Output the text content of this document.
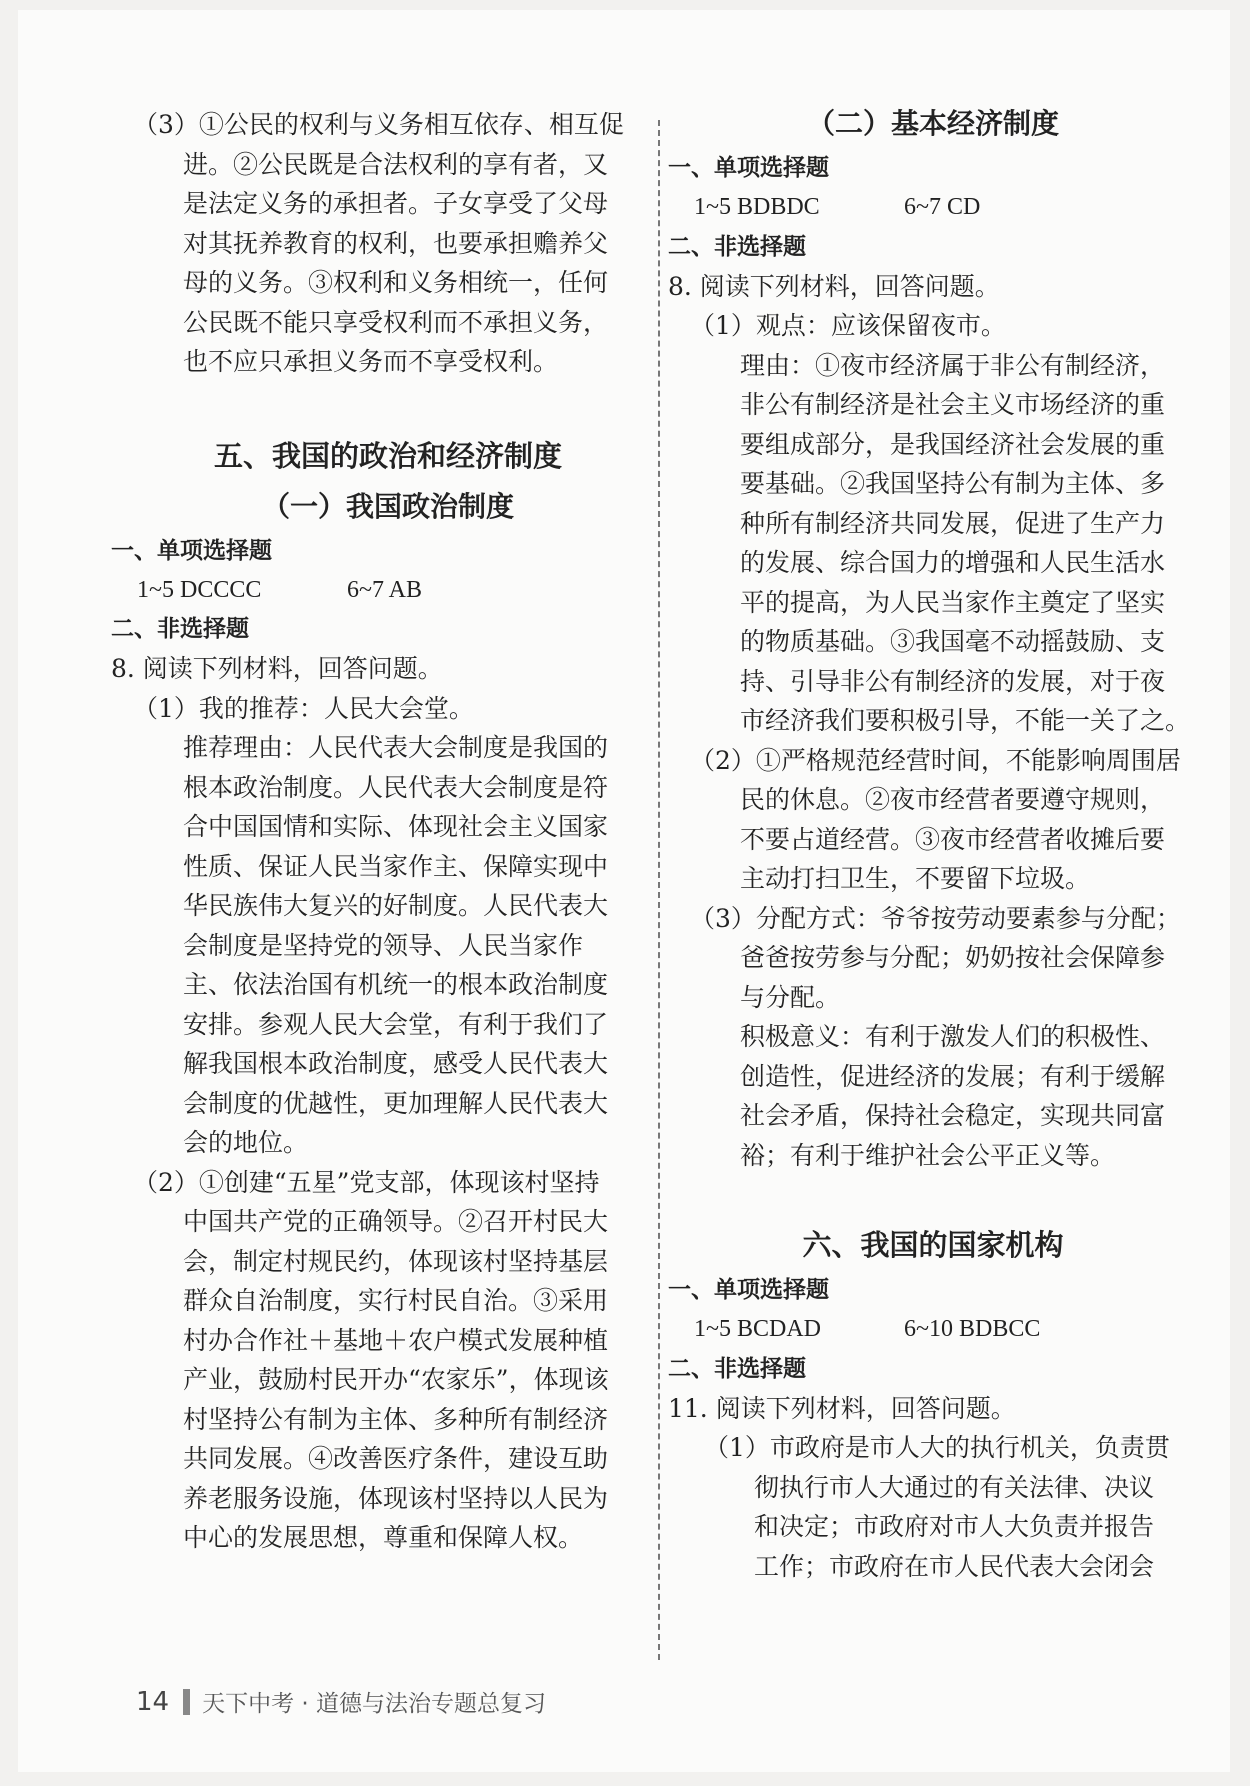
（3）①公民的权利与义务相互依存、相互促
进。②公民既是合法权利的享有者，又
是法定义务的承担者。子女享受了父母
对其抚养教育的权利，也要承担赡养父
母的义务。③权利和义务相统一，任何
公民既不能只享受权利而不承担义务，
也不应只承担义务而不享受权利。
五、我国的政治和经济制度
（一）我国政治制度
一、单项选择题
1~5 DCCCC	6~7 AB
二、非选择题
8. 阅读下列材料，回答问题。
（1）我的推荐：人民大会堂。
推荐理由：人民代表大会制度是我国的
根本政治制度。人民代表大会制度是符
合中国国情和实际、体现社会主义国家
性质、保证人民当家作主、保障实现中
华民族伟大复兴的好制度。人民代表大
会制度是坚持党的领导、人民当家作
主、依法治国有机统一的根本政治制度
安排。参观人民大会堂，有利于我们了
解我国根本政治制度，感受人民代表大
会制度的优越性，更加理解人民代表大
会的地位。
（2）①创建“五星”党支部，体现该村坚持
中国共产党的正确领导。②召开村民大
会，制定村规民约，体现该村坚持基层
群众自治制度，实行村民自治。③采用
村办合作社＋基地＋农户模式发展种植
产业，鼓励村民开办“农家乐”，体现该
村坚持公有制为主体、多种所有制经济
共同发展。④改善医疗条件，建设互助
养老服务设施，体现该村坚持以人民为
中心的发展思想，尊重和保障人权。
（二）基本经济制度
一、单项选择题
1~5 BDBDC	6~7 CD
二、非选择题
8. 阅读下列材料，回答问题。
（1）观点：应该保留夜市。
理由：①夜市经济属于非公有制经济，
非公有制经济是社会主义市场经济的重
要组成部分，是我国经济社会发展的重
要基础。②我国坚持公有制为主体、多
种所有制经济共同发展，促进了生产力
的发展、综合国力的增强和人民生活水
平的提高，为人民当家作主奠定了坚实
的物质基础。③我国毫不动摇鼓励、支
持、引导非公有制经济的发展，对于夜
市经济我们要积极引导，不能一关了之。
（2）①严格规范经营时间，不能影响周围居
民的休息。②夜市经营者要遵守规则，
不要占道经营。③夜市经营者收摊后要
主动打扫卫生，不要留下垃圾。
（3）分配方式：爷爷按劳动要素参与分配；
爸爸按劳参与分配；奶奶按社会保障参
与分配。
积极意义：有利于激发人们的积极性、
创造性，促进经济的发展；有利于缓解
社会矛盾，保持社会稳定，实现共同富
裕；有利于维护社会公平正义等。
六、我国的国家机构
一、单项选择题
1~5 BCDAD	6~10 BDBCC
二、非选择题
11. 阅读下列材料，回答问题。
（1）市政府是市人大的执行机关，负责贯
彻执行市人大通过的有关法律、决议
和决定；市政府对市人大负责并报告
工作；市政府在市人民代表大会闭会
14 天下中考 · 道德与法治专题总复习
